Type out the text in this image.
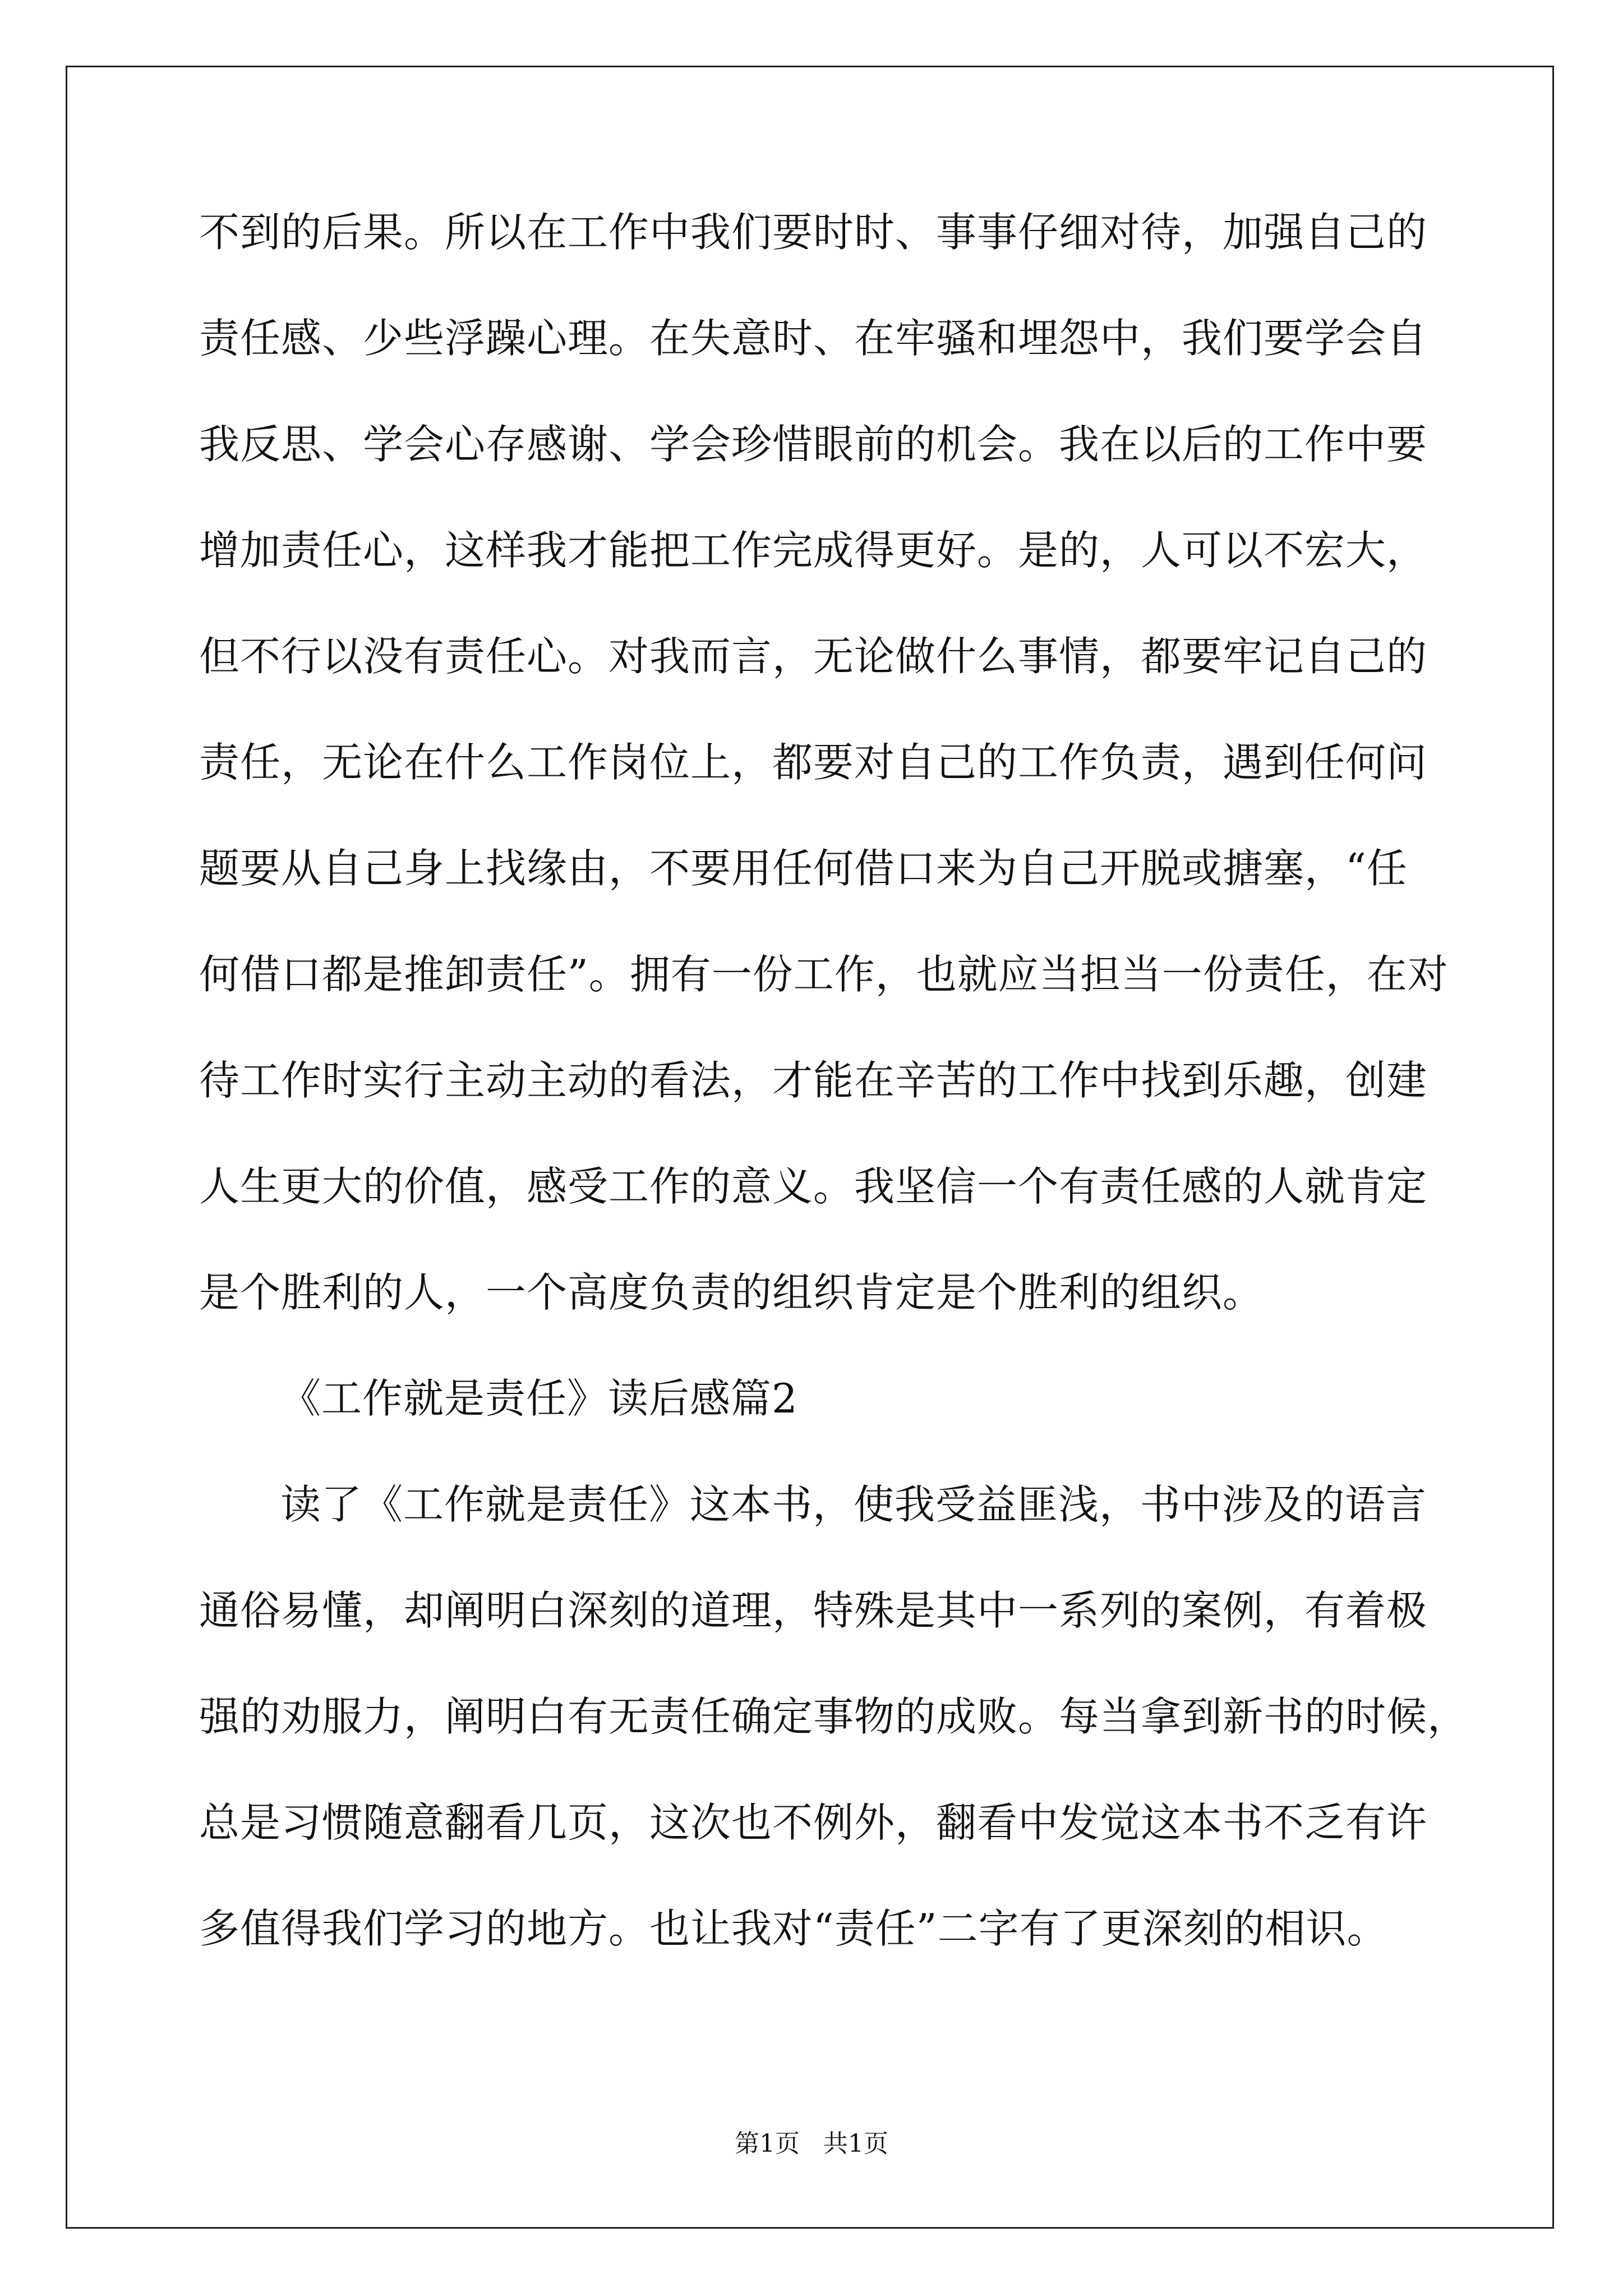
不到的后果。所以在工作中我们要时时、事事仔细对待，加强自己的
责任感、少些浮躁心理。在失意时、在牢骚和埋怨中，我们要学会自
我反思、学会心存感谢、学会珍惜眼前的机会。我在以后的工作中要
增加责任心，这样我才能把工作完成得更好。是的，人可以不宏大，
但不行以没有责任心。对我而言，无论做什么事情，都要牢记自己的
责任，无论在什么工作岗位上，都要对自己的工作负责，遇到任何问
题要从自己身上找缘由，不要用任何借口来为自己开脱或搪塞，“任
何借口都是推卸责任”。拥有一份工作，也就应当担当一份责任，在对
待工作时实行主动主动的看法，才能在辛苦的工作中找到乐趣，创建
人生更大的价值，感受工作的意义。我坚信一个有责任感的人就肯定
是个胜利的人，一个高度负责的组织肯定是个胜利的组织。
《工作就是责任》读后感篇2
读了《工作就是责任》这本书，使我受益匪浅，书中涉及的语言
通俗易懂，却阐明白深刻的道理，特殊是其中一系列的案例，有着极
强的劝服力，阐明白有无责任确定事物的成败。每当拿到新书的时候，
总是习惯随意翻看几页，这次也不例外，翻看中发觉这本书不乏有许
多值得我们学习的地方。也让我对“责任”二字有了更深刻的相识。
第1页 共1页
